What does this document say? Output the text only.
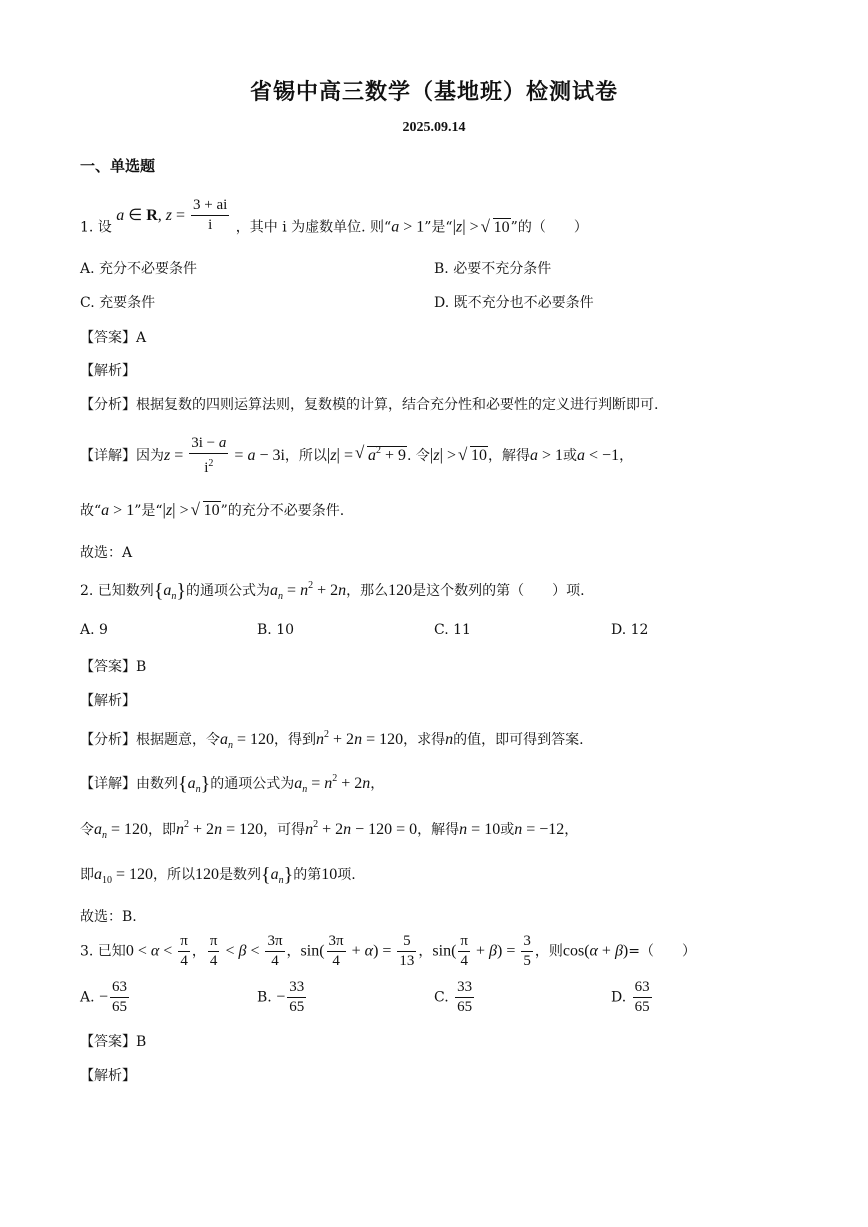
省锡中高三数学（基地班）检测试卷
2025.09.14
一、单选题
1. 设 a ∈ R, $z = \frac{3 + ai}{i}$ ，其中 i 为虚数单位. 则“a > 1”是“|z| > √ 10”的（　　）
A. 充分不必要条件	B. 必要不充分条件
C. 充要条件	D. 既不充分也不必要条件
【答案】A
【解析】
【分析】根据复数的四则运算法则，复数模的计算，结合充分性和必要性的定义进行判断即可.
【详解】因为$z = \frac{3i - a}{i^2} = a - 3i$，所以|z| = √ $a^2 + 9$. 令|z| > √ 10，解得a > 1或a < −1，
故“a > 1”是“|z| > √ 10”的充分不必要条件.
故选：A
2. 已知数列$\{a_n\}$的通项公式为$a_n = n^2 + 2n$，那么120是这个数列的第（　　）项.
A. 9	B. 10	C. 11	D. 12
【答案】B
【解析】
【分析】根据题意，令$a_n = 120$，得到$n^2 + 2n = 120$，求得n的值，即可得到答案.
【详解】由数列$\{a_n\}$的通项公式为$a_n = n^2 + 2n$，
令$a_n = 120$，即$n^2 + 2n = 120$，可得$n^2 + 2n - 120 = 0$，解得n = 10或n = −12，
即$a_{10} = 120$，所以120是数列$\{a_n\}$的第10项.
故选：B.
3. 已知$0 < \alpha < \frac{\pi}{4}$ ， $\frac{\pi}{4} < \beta < \frac{3\pi}{4}$ ，$\sin( \frac{3\pi}{4} + \alpha) = \frac{5}{13}$ ，$\sin( \frac{\pi}{4} + \beta) = \frac{3}{5}$ ，则cos(α + β)=（　　）
A. − $\frac{63}{65}$	B. − $\frac{33}{65}$	C. $\frac{33}{65}$	D. $\frac{63}{65}$
【答案】B
【解析】
